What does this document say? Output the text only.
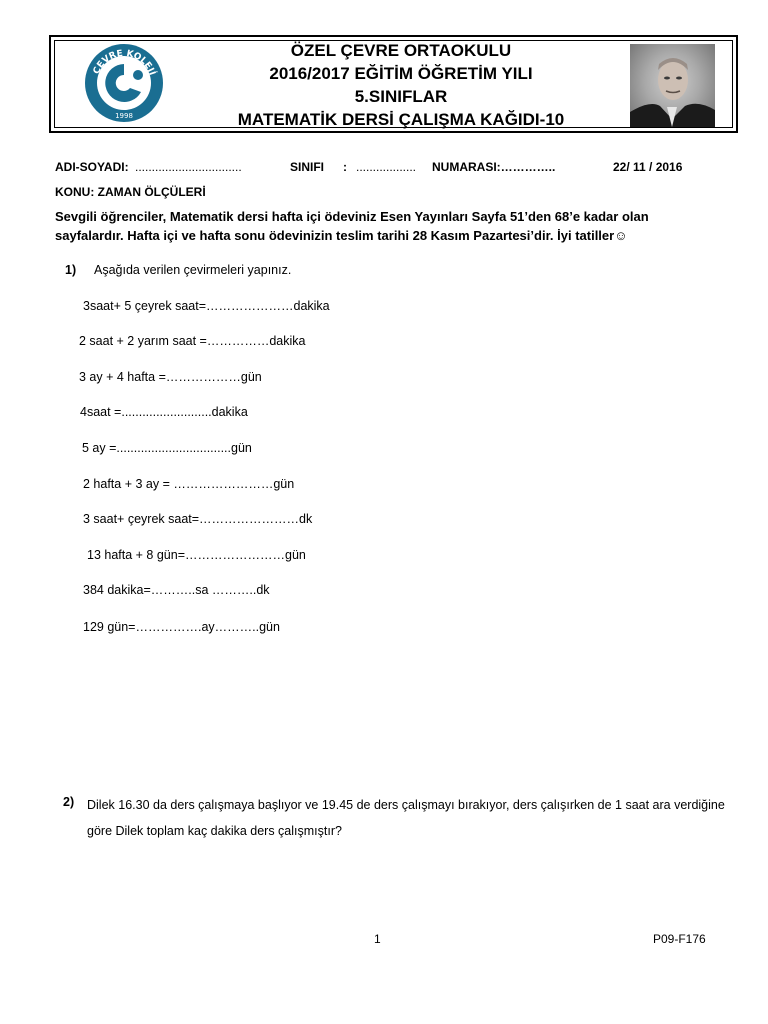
ÇEVRE KOLEJİ
1998
ÖZEL ÇEVRE ORTAOKULU
2016/2017 EĞİTİM ÖĞRETİM YILI
5.SINIFLAR
MATEMATİK DERSİ ÇALIŞMA KAĞIDI-10
ADI-SOYADI: ................................	SINIFI : .................. NUMARASI:…………..	22/ 11 / 2016
KONU: ZAMAN ÖLÇÜLERİ
Sevgili öğrenciler, Matematik dersi hafta içi ödeviniz Esen Yayınları Sayfa 51’den 68’e kadar olan sayfalardır. Hafta içi ve hafta sonu ödevinizin teslim tarihi 28 Kasım Pazartesi’dir. İyi tatiller☺
1) Aşağıda verilen çevirmeleri yapınız.
3saat+ 5 çeyrek saat=…………………dakika
2 saat + 2 yarım saat =……………dakika
3 ay + 4 hafta =………………gün
4saat =..........................dakika
5 ay =.................................gün
2 hafta + 3 ay = ……………………gün
3 saat+ çeyrek saat=……………………dk
13 hafta + 8 gün=……………………gün
384 dakika=………..sa ………..dk
129 gün=…………….ay………..gün
2) Dilek 16.30 da ders çalışmaya başlıyor ve 19.45 de ders çalışmayı bırakıyor, ders çalışırken de 1 saat ara verdiğine göre Dilek toplam kaç dakika ders çalışmıştır?
1	P09-F176
